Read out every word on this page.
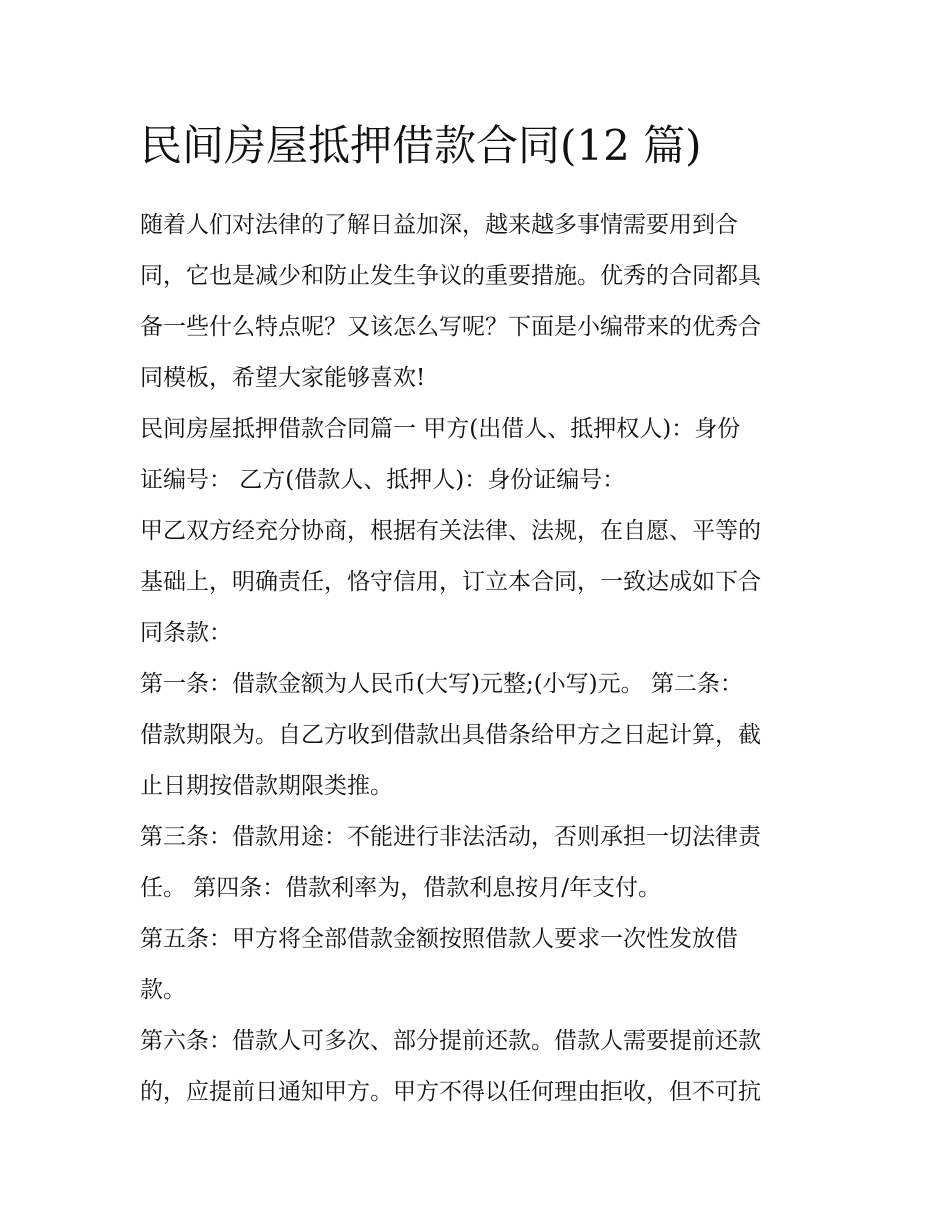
民间房屋抵押借款合同(12 篇)

随着人们对法律的了解日益加深，越来越多事情需要用到合
同，它也是减少和防止发生争议的重要措施。优秀的合同都具
备一些什么特点呢？又该怎么写呢？下面是小编带来的优秀合
同模板，希望大家能够喜欢!

民间房屋抵押借款合同篇一 甲方(出借人、抵押权人)：身份
证编号： 乙方(借款人、抵押人)：身份证编号：

甲乙双方经充分协商，根据有关法律、法规，在自愿、平等的
基础上，明确责任，恪守信用，订立本合同，一致达成如下合
同条款：

第一条：借款金额为人民币(大写)元整;(小写)元。 第二条：
借款期限为。自乙方收到借款出具借条给甲方之日起计算，截
止日期按借款期限类推。

第三条：借款用途：不能进行非法活动，否则承担一切法律责
任。 第四条：借款利率为，借款利息按月/年支付。

第五条：甲方将全部借款金额按照借款人要求一次性发放借
款。

第六条：借款人可多次、部分提前还款。借款人需要提前还款
的，应提前日通知甲方。甲方不得以任何理由拒收，但不可抗
